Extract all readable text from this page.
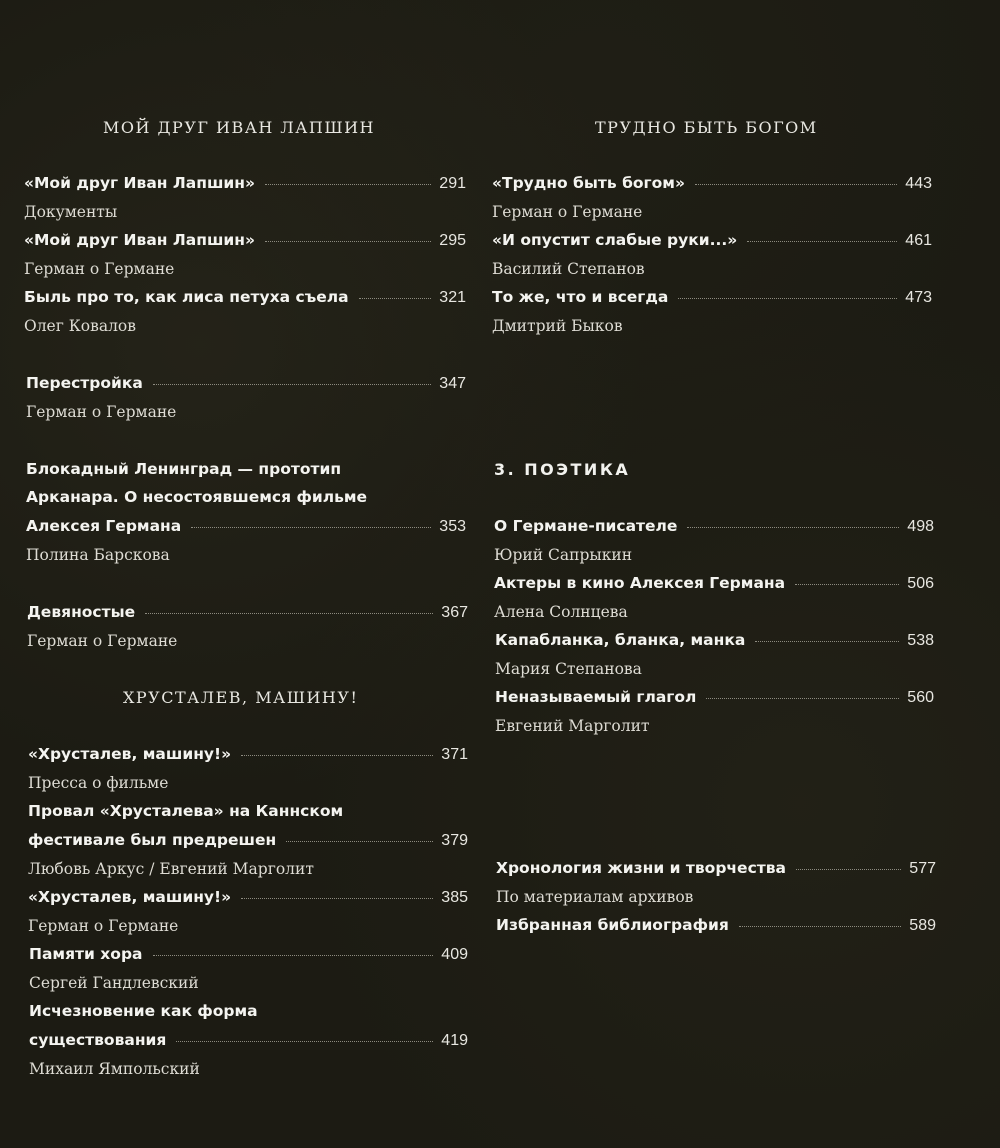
МОЙ ДРУГ ИВАН ЛАПШИН
«Мой друг Иван Лапшин»	291
Документы
«Мой друг Иван Лапшин»	295
Герман о Германе
Быль про то, как лиса петуха съела	321
Олег Ковалов
Перестройка	347
Герман о Германе
Блокадный Ленинград — прототип
Арканара. О несостоявшемся фильме
Алексея Германа	353
Полина Барскова
Девяностые	367
Герман о Германе
ХРУСТАЛЕВ, МАШИНУ!
«Хрусталев, машину!»	371
Пресса о фильме
Провал «Хрусталева» на Каннском
фестивале был предрешен	379
Любовь Аркус / Евгений Марголит
«Хрусталев, машину!»	385
Герман о Германе
Памяти хора	409
Сергей Гандлевский
Исчезновение как форма
существования	419
Михаил Ямпольский
ТРУДНО БЫТЬ БОГОМ
«Трудно быть богом»	443
Герман о Германе
«И опустит слабые руки...»	461
Василий Степанов
То же, что и всегда	473
Дмитрий Быков
3. ПОЭТИКА
О Германе-писателе	498
Юрий Сапрыкин
Актеры в кино Алексея Германа	506
Алена Солнцева
Капабланка, бланка, манка	538
Мария Степанова
Неназываемый глагол	560
Евгений Марголит
Хронология жизни и творчества	577
По материалам архивов
Избранная библиография	589
